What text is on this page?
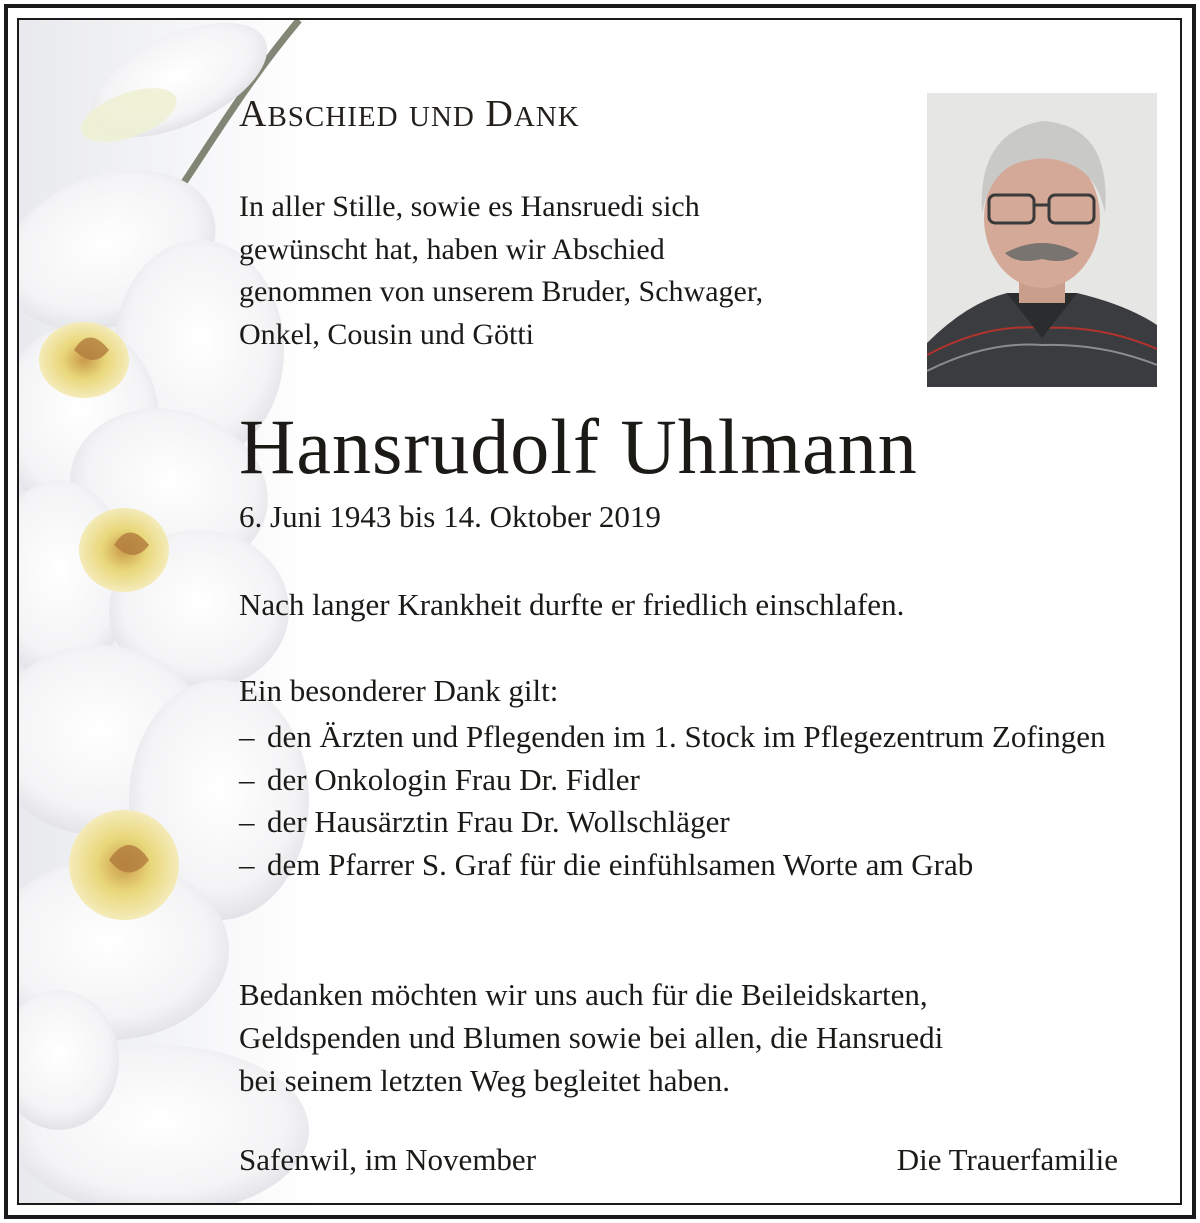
ABSCHIED UND DANK
In aller Stille, sowie es Hansruedi sich
gewünscht hat, haben wir Abschied
genommen von unserem Bruder, Schwager,
Onkel, Cousin und Götti
Hansrudolf Uhlmann

6. Juni 1943 bis 14. Oktober 2019

Nach langer Krankheit durfte er friedlich einschlafen.

Ein besonderer Dank gilt:

– den Ärzten und Pflegenden im 1. Stock im Pflegezentrum Zofingen
– der Onkologin Frau Dr. Fidler
– der Hausärztin Frau Dr. Wollschläger
– dem Pfarrer S. Graf für die einfühlsamen Worte am Grab
Bedanken möchten wir uns auch für die Beileidskarten,
Geldspenden und Blumen sowie bei allen, die Hansruedi
bei seinem letzten Weg begleitet haben.

Safenwil, im November	Die Trauerfamilie
